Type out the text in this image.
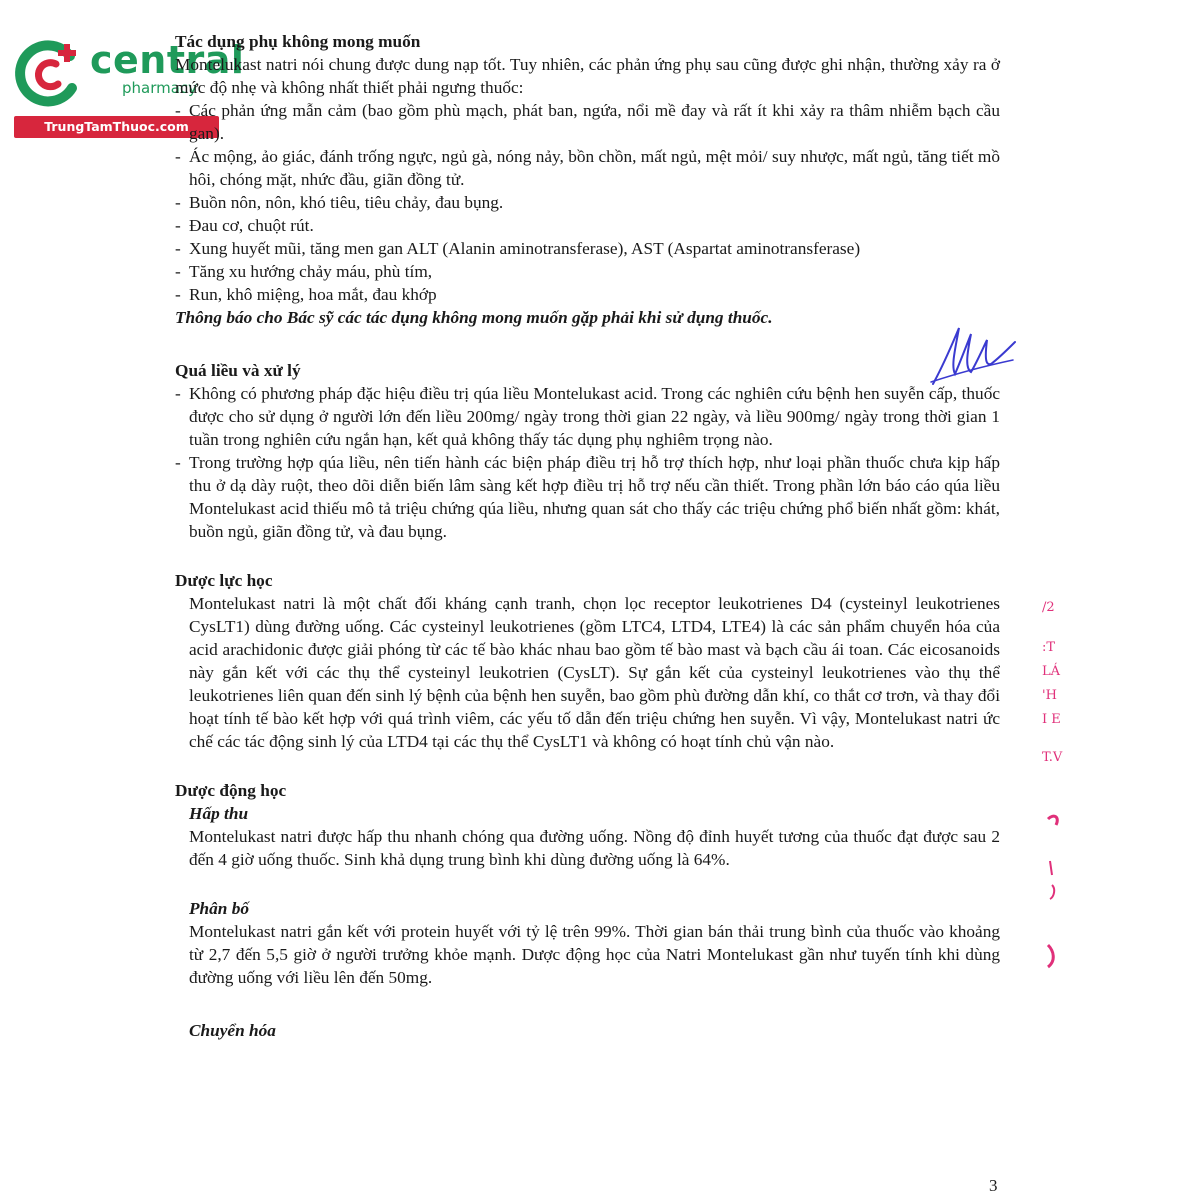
central
pharmacy
TrungTamThuoc.com

Tác dụng phụ không mong muốn

Montelukast natri nói chung được dung nạp tốt. Tuy nhiên, các phản ứng phụ sau cũng được ghi nhận, thường xảy ra ở mức độ nhẹ và không nhất thiết phải ngưng thuốc:

- Các phản ứng mẫn cảm (bao gồm phù mạch, phát ban, ngứa, nổi mề đay và rất ít khi xảy ra thâm nhiễm bạch cầu gan).
- Ác mộng, ảo giác, đánh trống ngực, ngủ gà, nóng nảy, bồn chồn, mất ngủ, mệt mỏi/ suy nhược, mất ngủ, tăng tiết mồ hôi, chóng mặt, nhức đầu, giãn đồng tử.
- Buồn nôn, nôn, khó tiêu, tiêu chảy, đau bụng.
- Đau cơ, chuột rút.
- Xung huyết mũi, tăng men gan ALT (Alanin aminotransferase), AST (Aspartat aminotransferase)
- Tăng xu hướng chảy máu, phù tím,
- Run, khô miệng, hoa mắt, đau khớp

Thông báo cho Bác sỹ các tác dụng không mong muốn gặp phải khi sử dụng thuốc.

Quá liều và xử lý

- Không có phương pháp đặc hiệu điều trị qúa liều Montelukast acid. Trong các nghiên cứu bệnh hen suyễn cấp, thuốc được cho sử dụng ở người lớn đến liều 200mg/ ngày trong thời gian 22 ngày, và liều 900mg/ ngày trong thời gian 1 tuần trong nghiên cứu ngắn hạn, kết quả không thấy tác dụng phụ nghiêm trọng nào.
- Trong trường hợp qúa liều, nên tiến hành các biện pháp điều trị hỗ trợ thích hợp, như loại phần thuốc chưa kịp hấp thu ở dạ dày ruột, theo dõi diễn biến lâm sàng kết hợp điều trị hỗ trợ nếu cần thiết. Trong phần lớn báo cáo qúa liều Montelukast acid thiếu mô tả triệu chứng qúa liều, nhưng quan sát cho thấy các triệu chứng phổ biến nhất gồm: khát, buồn ngủ, giãn đồng tử, và đau bụng.

Dược lực học

Montelukast natri là một chất đối kháng cạnh tranh, chọn lọc receptor leukotrienes D4 (cysteinyl leukotrienes CysLT1) dùng đường uống. Các cysteinyl leukotrienes (gồm LTC4, LTD4, LTE4) là các sản phẩm chuyển hóa của acid arachidonic được giải phóng từ các tế bào khác nhau bao gồm tế bào mast và bạch cầu ái toan. Các eicosanoids này gắn kết với các thụ thể cysteinyl leukotrien (CysLT). Sự gắn kết của cysteinyl leukotrienes vào thụ thể leukotrienes liên quan đến sinh lý bệnh của bệnh hen suyễn, bao gồm phù đường dẫn khí, co thắt cơ trơn, và thay đổi hoạt tính tế bào kết hợp với quá trình viêm, các yếu tố dẫn đến triệu chứng hen suyễn. Vì vậy, Montelukast natri ức chế các tác động sinh lý của LTD4 tại các thụ thể CysLT1 và không có hoạt tính chủ vận nào.

Dược động học

Hấp thu

Montelukast natri được hấp thu nhanh chóng qua đường uống. Nồng độ đỉnh huyết tương của thuốc đạt được sau 2 đến 4 giờ uống thuốc. Sinh khả dụng trung bình khi dùng đường uống là 64%.

Phân bố

Montelukast natri gắn kết với protein huyết với tỷ lệ trên 99%. Thời gian bán thải trung bình của thuốc vào khoảng từ 2,7 đến 5,5 giờ ở người trưởng khỏe mạnh. Dược động học của Natri Montelukast gần như tuyến tính khi dùng đường uống với liều lên đến 50mg.

Chuyển hóa
/2
:T
LÁ
'H
I E
T.V
3
